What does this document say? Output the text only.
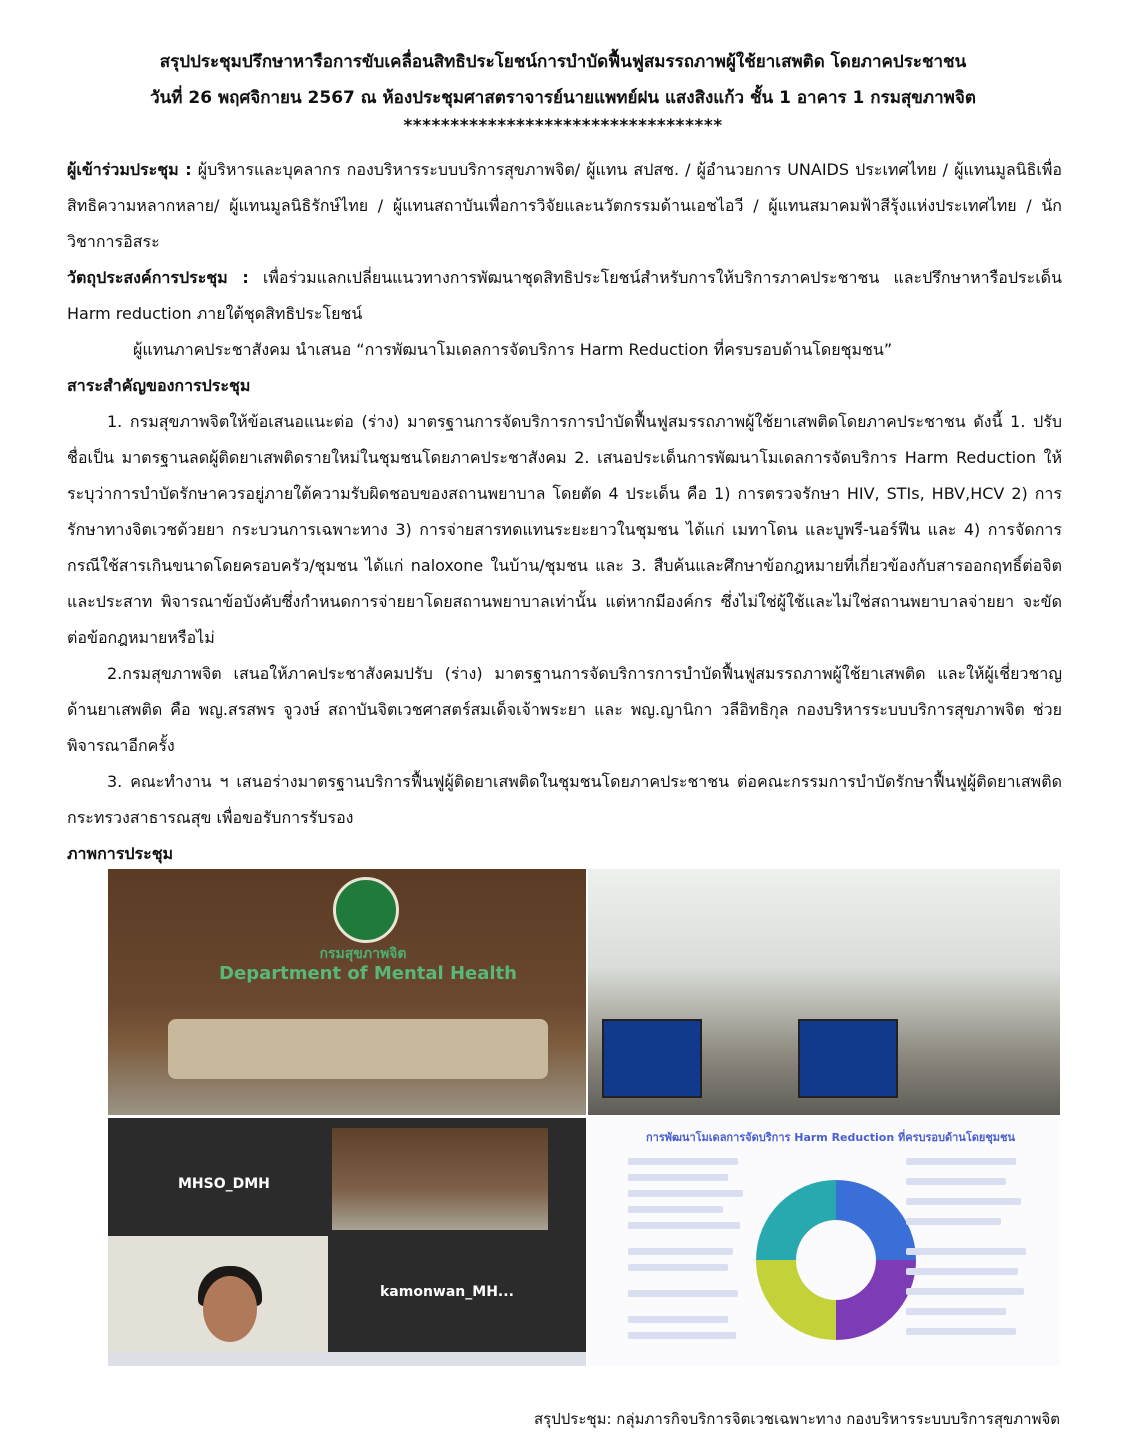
สรุปประชุมปรึกษาหารือการขับเคลื่อนสิทธิประโยชน์การบำบัดฟื้นฟูสมรรถภาพผู้ใช้ยาเสพติด โดยภาคประชาชน
วันที่ 26 พฤศจิกายน 2567 ณ ห้องประชุมศาสตราจารย์นายแพทย์ฝน แสงสิงแก้ว ชั้น 1 อาคาร 1 กรมสุขภาพจิต
**********************************

ผู้เข้าร่วมประชุม : ผู้บริหารและบุคลากร กองบริหารระบบบริการสุขภาพจิต/ ผู้แทน สปสช. / ผู้อำนวยการ UNAIDS ประเทศไทย / ผู้แทนมูลนิธิเพื่อสิทธิความหลากหลาย/ ผู้แทนมูลนิธิรักษ์ไทย / ผู้แทนสถาบันเพื่อการวิจัยและนวัตกรรมด้านเอชไอวี / ผู้แทนสมาคมฟ้าสีรุ้งแห่งประเทศไทย / นักวิชาการอิสระ

วัตถุประสงค์การประชุม : เพื่อร่วมแลกเปลี่ยนแนวทางการพัฒนาชุดสิทธิประโยชน์สำหรับการให้บริการภาคประชาชน และปรึกษาหารือประเด็น Harm reduction ภายใต้ชุดสิทธิประโยชน์

ผู้แทนภาคประชาสังคม นำเสนอ “การพัฒนาโมเดลการจัดบริการ Harm Reduction ที่ครบรอบด้านโดยชุมชน”

สาระสำคัญของการประชุม

1. กรมสุขภาพจิตให้ข้อเสนอแนะต่อ (ร่าง) มาตรฐานการจัดบริการการบำบัดฟื้นฟูสมรรถภาพผู้ใช้ยาเสพติดโดยภาคประชาชน ดังนี้ 1. ปรับชื่อเป็น มาตรฐานลดผู้ติดยาเสพติดรายใหม่ในชุมชนโดยภาคประชาสังคม 2. เสนอประเด็นการพัฒนาโมเดลการจัดบริการ Harm Reduction ให้ระบุว่าการบำบัดรักษาควรอยู่ภายใต้ความรับผิดชอบของสถานพยาบาล โดยตัด 4 ประเด็น คือ 1) การตรวจรักษา HIV, STIs, HBV,HCV 2) การรักษาทางจิตเวชด้วยยา กระบวนการเฉพาะทาง 3) การจ่ายสารทดแทนระยะยาวในชุมชน ได้แก่ เมทาโดน และบูพรี-นอร์ฟีน และ 4) การจัดการกรณีใช้สารเกินขนาดโดยครอบครัว/ชุมชน ได้แก่ naloxone ในบ้าน/ชุมชน และ 3. สืบค้นและศึกษาข้อกฎหมายที่เกี่ยวข้องกับสารออกฤทธิ์ต่อจิตและประสาท พิจารณาข้อบังคับซึ่งกำหนดการจ่ายยาโดยสถานพยาบาลเท่านั้น แต่หากมีองค์กร ซึ่งไม่ใช่ผู้ใช้และไม่ใช่สถานพยาบาลจ่ายยา จะขัดต่อข้อกฎหมายหรือไม่

2.กรมสุขภาพจิต เสนอให้ภาคประชาสังคมปรับ (ร่าง) มาตรฐานการจัดบริการการบำบัดฟื้นฟูสมรรถภาพผู้ใช้ยาเสพติด และให้ผู้เชี่ยวชาญด้านยาเสพติด คือ พญ.สรสพร จูวงษ์ สถาบันจิตเวชศาสตร์สมเด็จเจ้าพระยา และ พญ.ญานิกา วลีอิทธิกุล กองบริหารระบบบริการสุขภาพจิต ช่วยพิจารณาอีกครั้ง

3. คณะทำงาน ฯ เสนอร่างมาตรฐานบริการฟื้นฟูผู้ติดยาเสพติดในชุมชนโดยภาคประชาชน ต่อคณะกรรมการบำบัดรักษาฟื้นฟูผู้ติดยาเสพติด กระทรวงสาธารณสุข เพื่อขอรับการรับรอง

ภาพการประชุม

กรมสุขภาพจิต
Department of Mental Health
MHSO_DMH
kamonwan_MH...
การพัฒนาโมเดลการจัดบริการ Harm Reduction ที่ครบรอบด้านโดยชุมชน
สรุปประชุม: กลุ่มภารกิจบริการจิตเวชเฉพาะทาง กองบริหารระบบบริการสุขภาพจิต
